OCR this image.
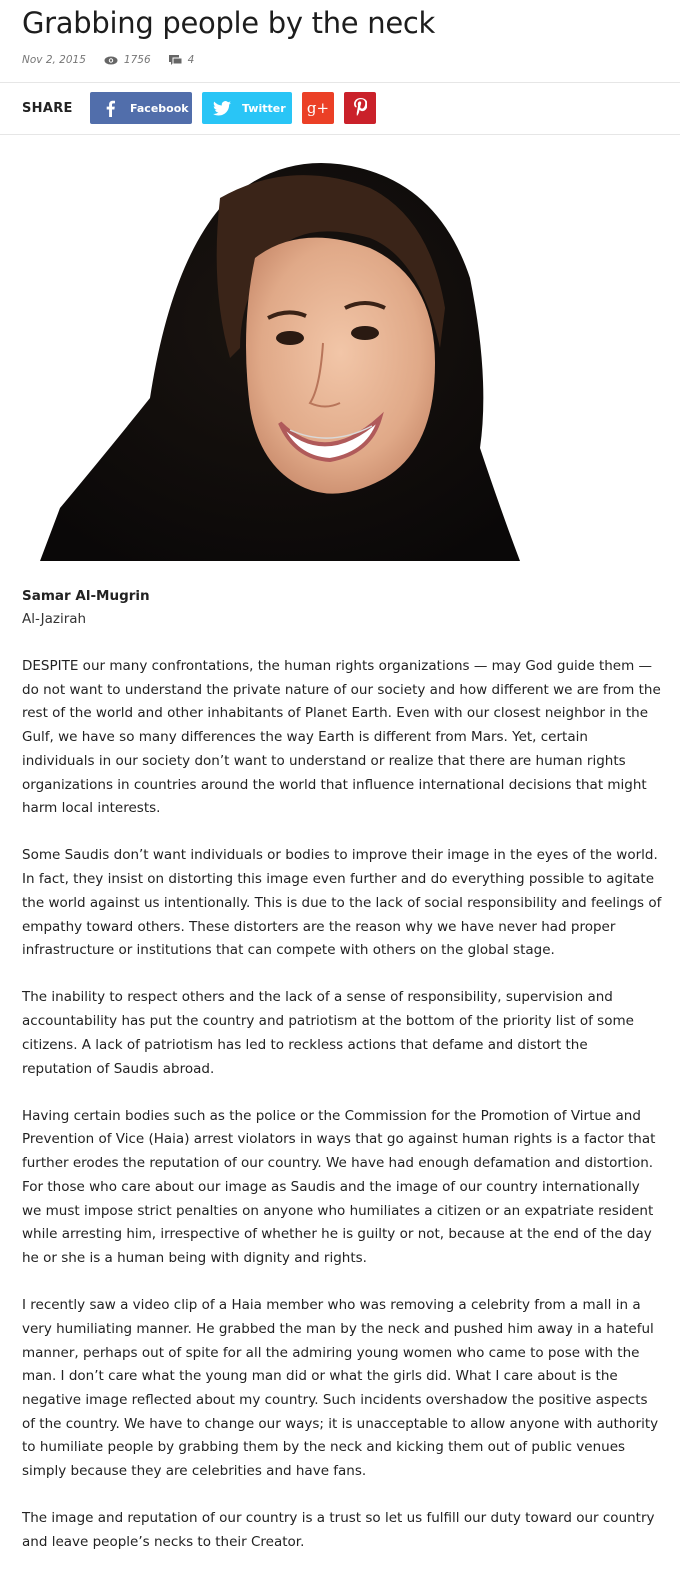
Grabbing people by the neck
Nov 2, 2015	1756	4
SHARE	Facebook	Twitter	g+
Samar Al-Mugrin
Al-Jazirah

DESPITE our many confrontations, the human rights organizations — may God guide them — do not want to understand the private nature of our society and how different we are from the rest of the world and other inhabitants of Planet Earth. Even with our closest neighbor in the Gulf, we have so many differences the way Earth is different from Mars. Yet, certain individuals in our society don’t want to understand or realize that there are human rights organizations in countries around the world that influence international decisions that might harm local interests.

Some Saudis don’t want individuals or bodies to improve their image in the eyes of the world. In fact, they insist on distorting this image even further and do everything possible to agitate the world against us intentionally. This is due to the lack of social responsibility and feelings of empathy toward others. These distorters are the reason why we have never had proper infrastructure or institutions that can compete with others on the global stage.

The inability to respect others and the lack of a sense of responsibility, supervision and accountability has put the country and patriotism at the bottom of the priority list of some citizens. A lack of patriotism has led to reckless actions that defame and distort the reputation of Saudis abroad.

Having certain bodies such as the police or the Commission for the Promotion of Virtue and Prevention of Vice (Haia) arrest violators in ways that go against human rights is a factor that further erodes the reputation of our country. We have had enough defamation and distortion. For those who care about our image as Saudis and the image of our country internationally we must impose strict penalties on anyone who humiliates a citizen or an expatriate resident while arresting him, irrespective of whether he is guilty or not, because at the end of the day he or she is a human being with dignity and rights.

I recently saw a video clip of a Haia member who was removing a celebrity from a mall in a very humiliating manner. He grabbed the man by the neck and pushed him away in a hateful manner, perhaps out of spite for all the admiring young women who came to pose with the man. I don’t care what the young man did or what the girls did. What I care about is the negative image reflected about my country. Such incidents overshadow the positive aspects of the country. We have to change our ways; it is unacceptable to allow anyone with authority to humiliate people by grabbing them by the neck and kicking them out of public venues simply because they are celebrities and have fans.

The image and reputation of our country is a trust so let us fulfill our duty toward our country and leave people’s necks to their Creator.
